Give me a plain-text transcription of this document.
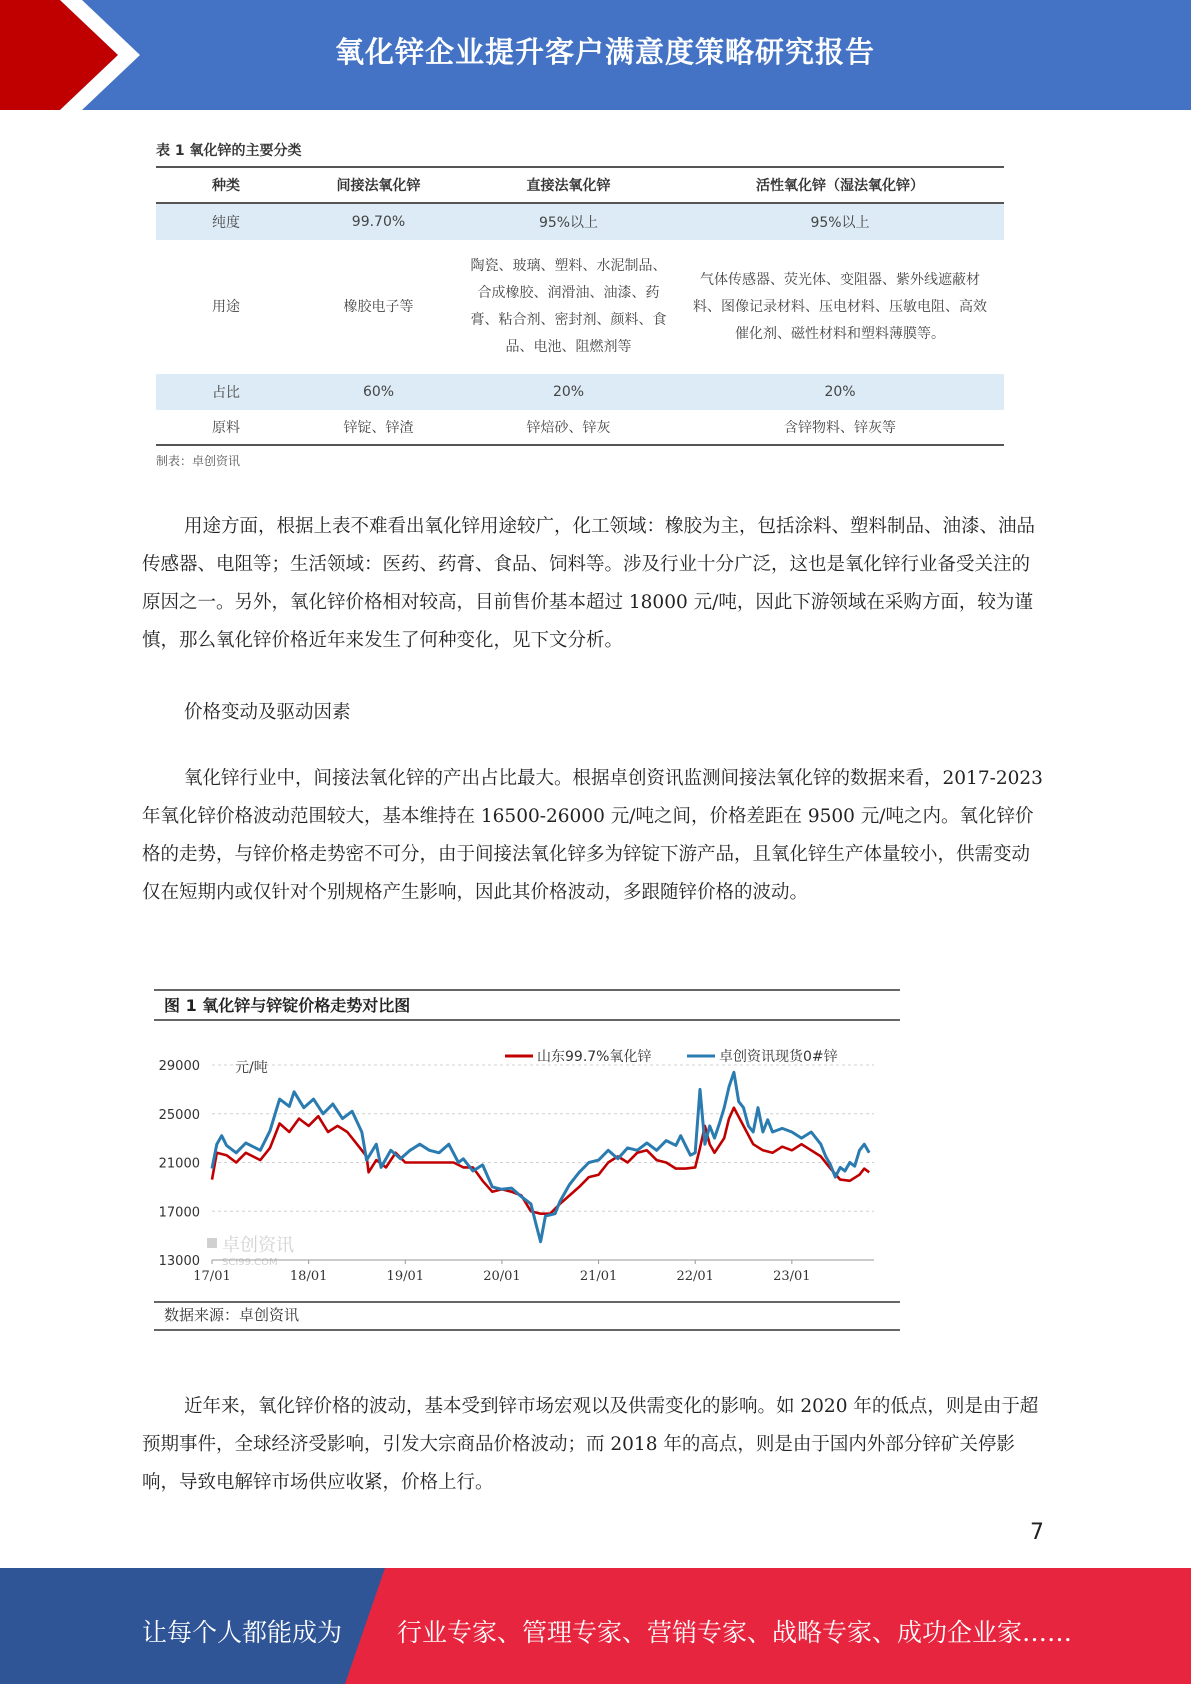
氧化锌企业提升客户满意度策略研究报告
表 1 氧化锌的主要分类
种类	间接法氧化锌	直接法氧化锌	活性氧化锌（湿法氧化锌）
纯度	99.70%	95%以上	95%以上
用途	橡胶电子等	陶瓷、玻璃、塑料、水泥制品、合成橡胶、润滑油、油漆、药膏、粘合剂、密封剂、颜料、食品、电池、阻燃剂等	气体传感器、荧光体、变阻器、紫外线遮蔽材料、图像记录材料、压电材料、压敏电阻、高效催化剂、磁性材料和塑料薄膜等。
占比	60%	20%	20%
原料	锌锭、锌渣	锌焙砂、锌灰	含锌物料、锌灰等
制表：卓创资讯

用途方面，根据上表不难看出氧化锌用途较广，化工领域：橡胶为主，包括涂料、塑料制品、油漆、油品传感器、电阻等；生活领域：医药、药膏、食品、饲料等。涉及行业十分广泛，这也是氧化锌行业备受关注的原因之一。另外，氧化锌价格相对较高，目前售价基本超过 18000 元/吨，因此下游领域在采购方面，较为谨慎，那么氧化锌价格近年来发生了何种变化，见下文分析。

价格变动及驱动因素

氧化锌行业中，间接法氧化锌的产出占比最大。根据卓创资讯监测间接法氧化锌的数据来看，2017-2023 年氧化锌价格波动范围较大，基本维持在 16500-26000 元/吨之间，价格差距在 9500 元/吨之内。氧化锌价格的走势，与锌价格走势密不可分，由于间接法氧化锌多为锌锭下游产品，且氧化锌生产体量较小，供需变动仅在短期内或仅针对个别规格产生影响，因此其价格波动，多跟随锌价格的波动。

图 1 氧化锌与锌锭价格走势对比图
29000
25000
21000
17000
13000
17/01	18/01	19/01	20/01	21/01	22/01	23/01
元/吨
卓创资讯
SCI99.COM
山东99.7%氧化锌	卓创资讯现货0#锌
数据来源：卓创资讯

近年来，氧化锌价格的波动，基本受到锌市场宏观以及供需变化的影响。如 2020 年的低点，则是由于超预期事件，全球经济受影响，引发大宗商品价格波动；而 2018 年的高点，则是由于国内外部分锌矿关停影响，导致电解锌市场供应收紧，价格上行。

7
让每个人都能成为 行业专家、管理专家、营销专家、战略专家、成功企业家……
